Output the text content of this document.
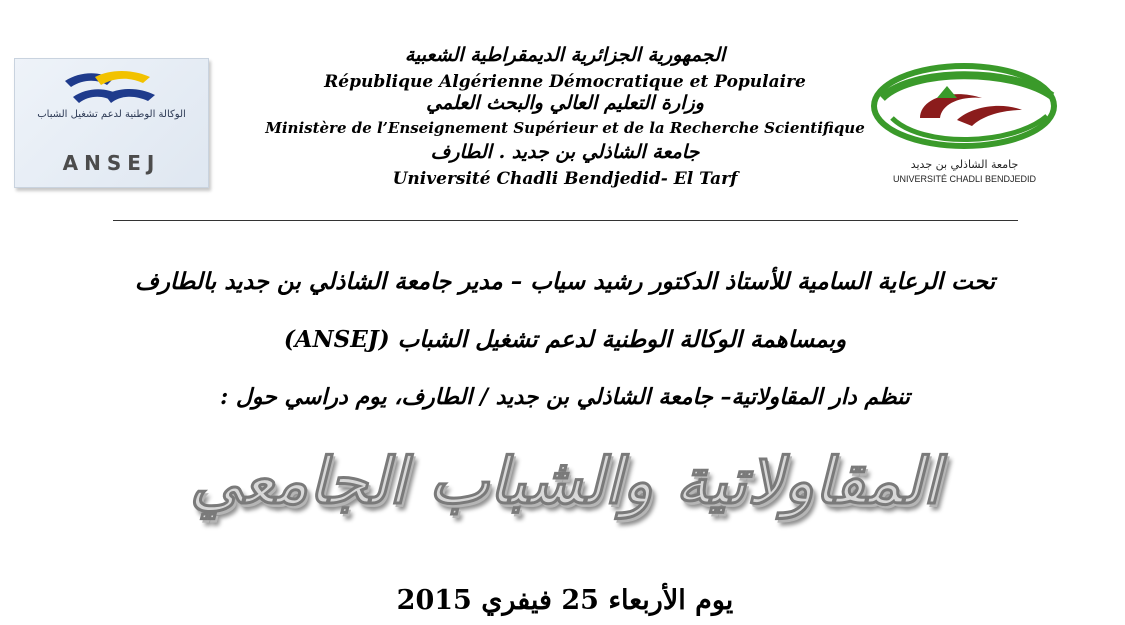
الوكالة الوطنية لدعم تشغيل الشباب
ANSEJ
الجمهورية الجزائرية الديمقراطية الشعبية
République Algérienne Démocratique et Populaire
وزارة التعليم العالي والبحث العلمي
Ministère de l’Enseignement Supérieur et de la Recherche Scientifique
جامعة الشاذلي بن جديد . الطارف
Université Chadli Bendjedid- El Tarf
جامعة الشاذلي بن جديد
UNIVERSITÉ CHADLI BENDJEDID
تحت الرعاية السامية للأستاذ الدكتور رشيد سياب – مدير جامعة الشاذلي بن جديد بالطارف
وبمساهمة الوكالة الوطنية لدعم تشغيل الشباب (ANSEJ)
تنظم دار المقاولاتية– جامعة الشاذلي بن جديد / الطارف، يوم دراسي حول :
المقاولاتية والشباب الجامعي
يوم الأربعاء 25 فيفري 2015
